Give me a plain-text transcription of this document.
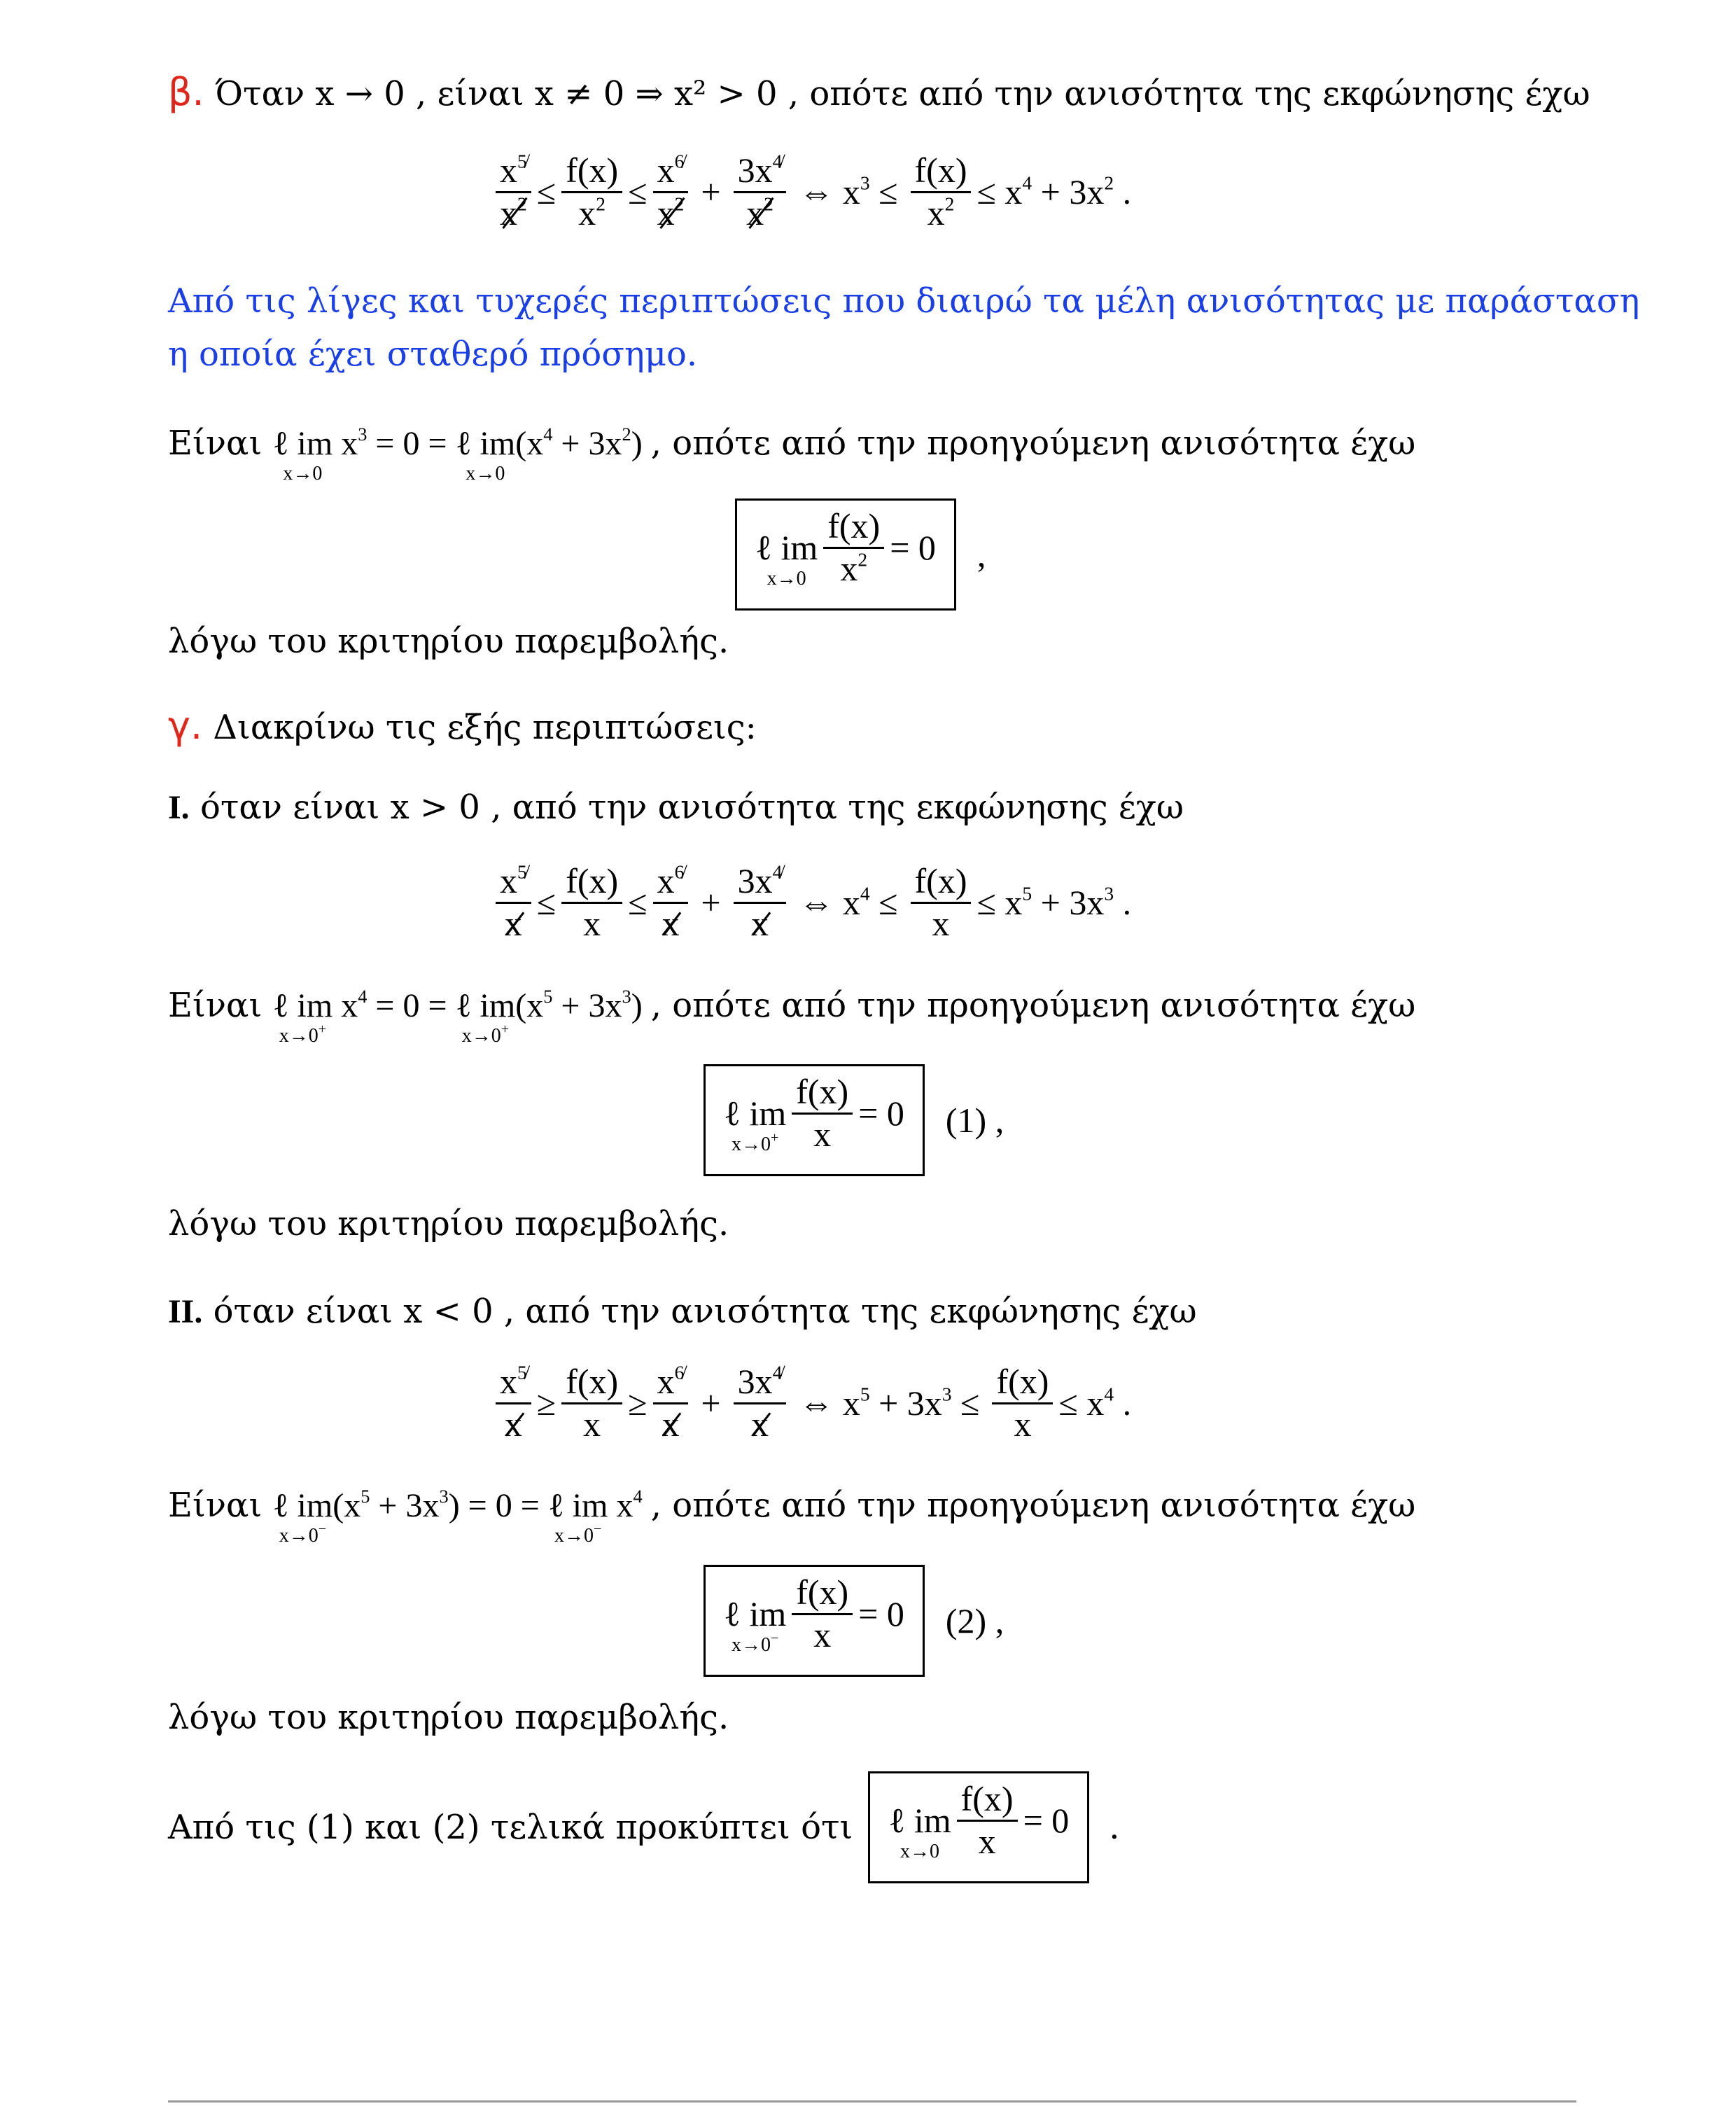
β. Όταν x → 0 , είναι x ≠ 0 ⇒ x² > 0 , οπότε από την ανισότητα της εκφώνησης έχω
$\frac{x^{5̸}}{x^2} \le \frac{f(x)}{x^2} \le \frac{x^{6̸}}{x^2} + \frac{3x^{4̸}}{x^2}$ ⇔ $x^3 \le \frac{f(x)}{x^2} \le x^4 + 3x^2$ .
Από τις λίγες και τυχερές περιπτώσεις που διαιρώ τα μέλη ανισότητας με παράσταση
η οποία έχει σταθερό πρόσημο.
Είναι ℓ im
x→0
$x^3 = 0$ = ℓ im
x→0
$(x^4 + 3x^2)$ , οπότε από την προηγούμενη ανισότητα έχω
ℓ im
$x\to 0 \frac{f(x)}{x^2} = 0$ ,
λόγω του κριτηρίου παρεμβολής.
γ. Διακρίνω τις εξής περιπτώσεις:
I. όταν είναι x > 0 , από την ανισότητα της εκφώνησης έχω
$\frac{x^{5̸}}{x} \le \frac{f(x)}{x} \le \frac{x^{6̸}}{x} + \frac{3x^{4̸}}{x}$ ⇔ $x^4 \le \frac{f(x)}{x} \le x^5 + 3x^3$ .
Είναι ℓ im
x→0+
$x^4 = 0$ = ℓ im
x→0+
$(x^5 + 3x^3)$ , οπότε από την προηγούμενη ανισότητα έχω
ℓ im
$x\to 0^+ \frac{f(x)}{x} = 0$ (1) ,
λόγω του κριτηρίου παρεμβολής.
II. όταν είναι x < 0 , από την ανισότητα της εκφώνησης έχω
$\frac{x^{5̸}}{x} \ge \frac{f(x)}{x} \ge \frac{x^{6̸}}{x} + \frac{3x^{4̸}}{x}$ ⇔ $x^5 + 3x^3 \le \frac{f(x)}{x} \le x^4$ .
Είναι ℓ im
x→0−
$(x^5 + 3x^3) = 0$ = ℓ im
x→0−
$x^4$ , οπότε από την προηγούμενη ανισότητα έχω
ℓ im
$x\to 0^- \frac{f(x)}{x} = 0$ (2) ,
λόγω του κριτηρίου παρεμβολής.
Από τις (1) και (2) τελικά προκύπτει ότι ℓ im
$x\to 0 \frac{f(x)}{x} = 0$ .
